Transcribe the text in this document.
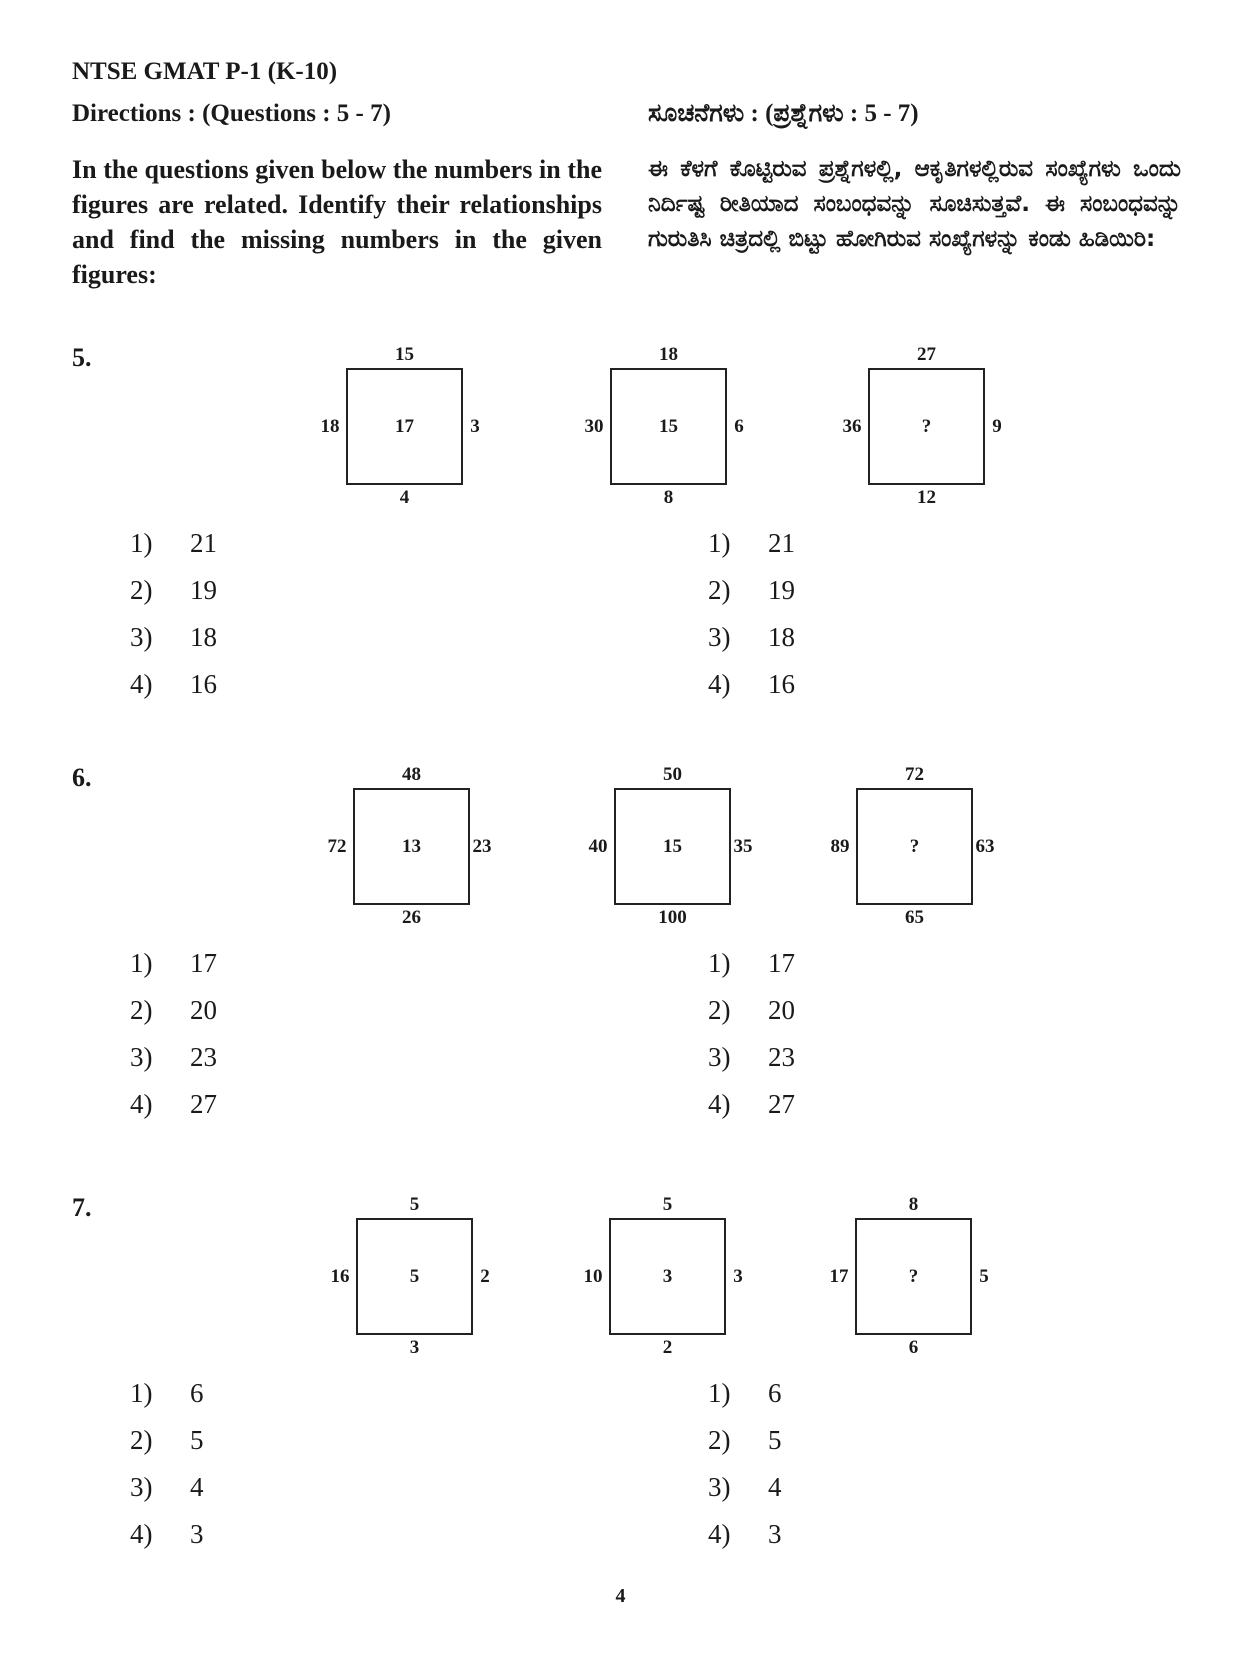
NTSE GMAT P-1 (K-10)
Directions : (Questions : 5 - 7)	ಸೂಚನೆಗಳು : (ಪ್ರಶ್ನೆಗಳು : 5 - 7)
In the questions given below the numbers in the figures are related. Identify their relationships and find the missing numbers in the given figures:
ಈ ಕೆಳಗೆ ಕೊಟ್ಟಿರುವ ಪ್ರಶ್ನೆಗಳಲ್ಲಿ, ಆಕೃತಿಗಳಲ್ಲಿರುವ ಸಂಖ್ಯೆಗಳು ಒಂದು ನಿರ್ದಿಷ್ಟ ರೀತಿಯಾದ ಸಂಬಂಧವನ್ನು ಸೂಚಿಸುತ್ತವೆ. ಈ ಸಂಬಂಧವನ್ನು ಗುರುತಿಸಿ ಚಿತ್ರದಲ್ಲಿ ಬಿಟ್ಟು ಹೋಗಿರುವ ಸಂಖ್ಯೆಗಳನ್ನು ಕಂಡು ಹಿಡಿಯಿರಿ:
5.	15
18	17	3
4
18
30	15	6
8
27
36	?	9
12
1) 21
2) 19
3) 18
4) 16
1) 21
2) 19
3) 18
4) 16
6.	48
72	13	23
26
50
40	15	35
100
72
89	?	63
65
1) 17
2) 20
3) 23
4) 27
1) 17
2) 20
3) 23
4) 27
7.	5
16	5	2
3
5
10	3	3
2
8
17	?	5
6
1) 6
2) 5
3) 4
4) 3
1) 6
2) 5
3) 4
4) 3
4
